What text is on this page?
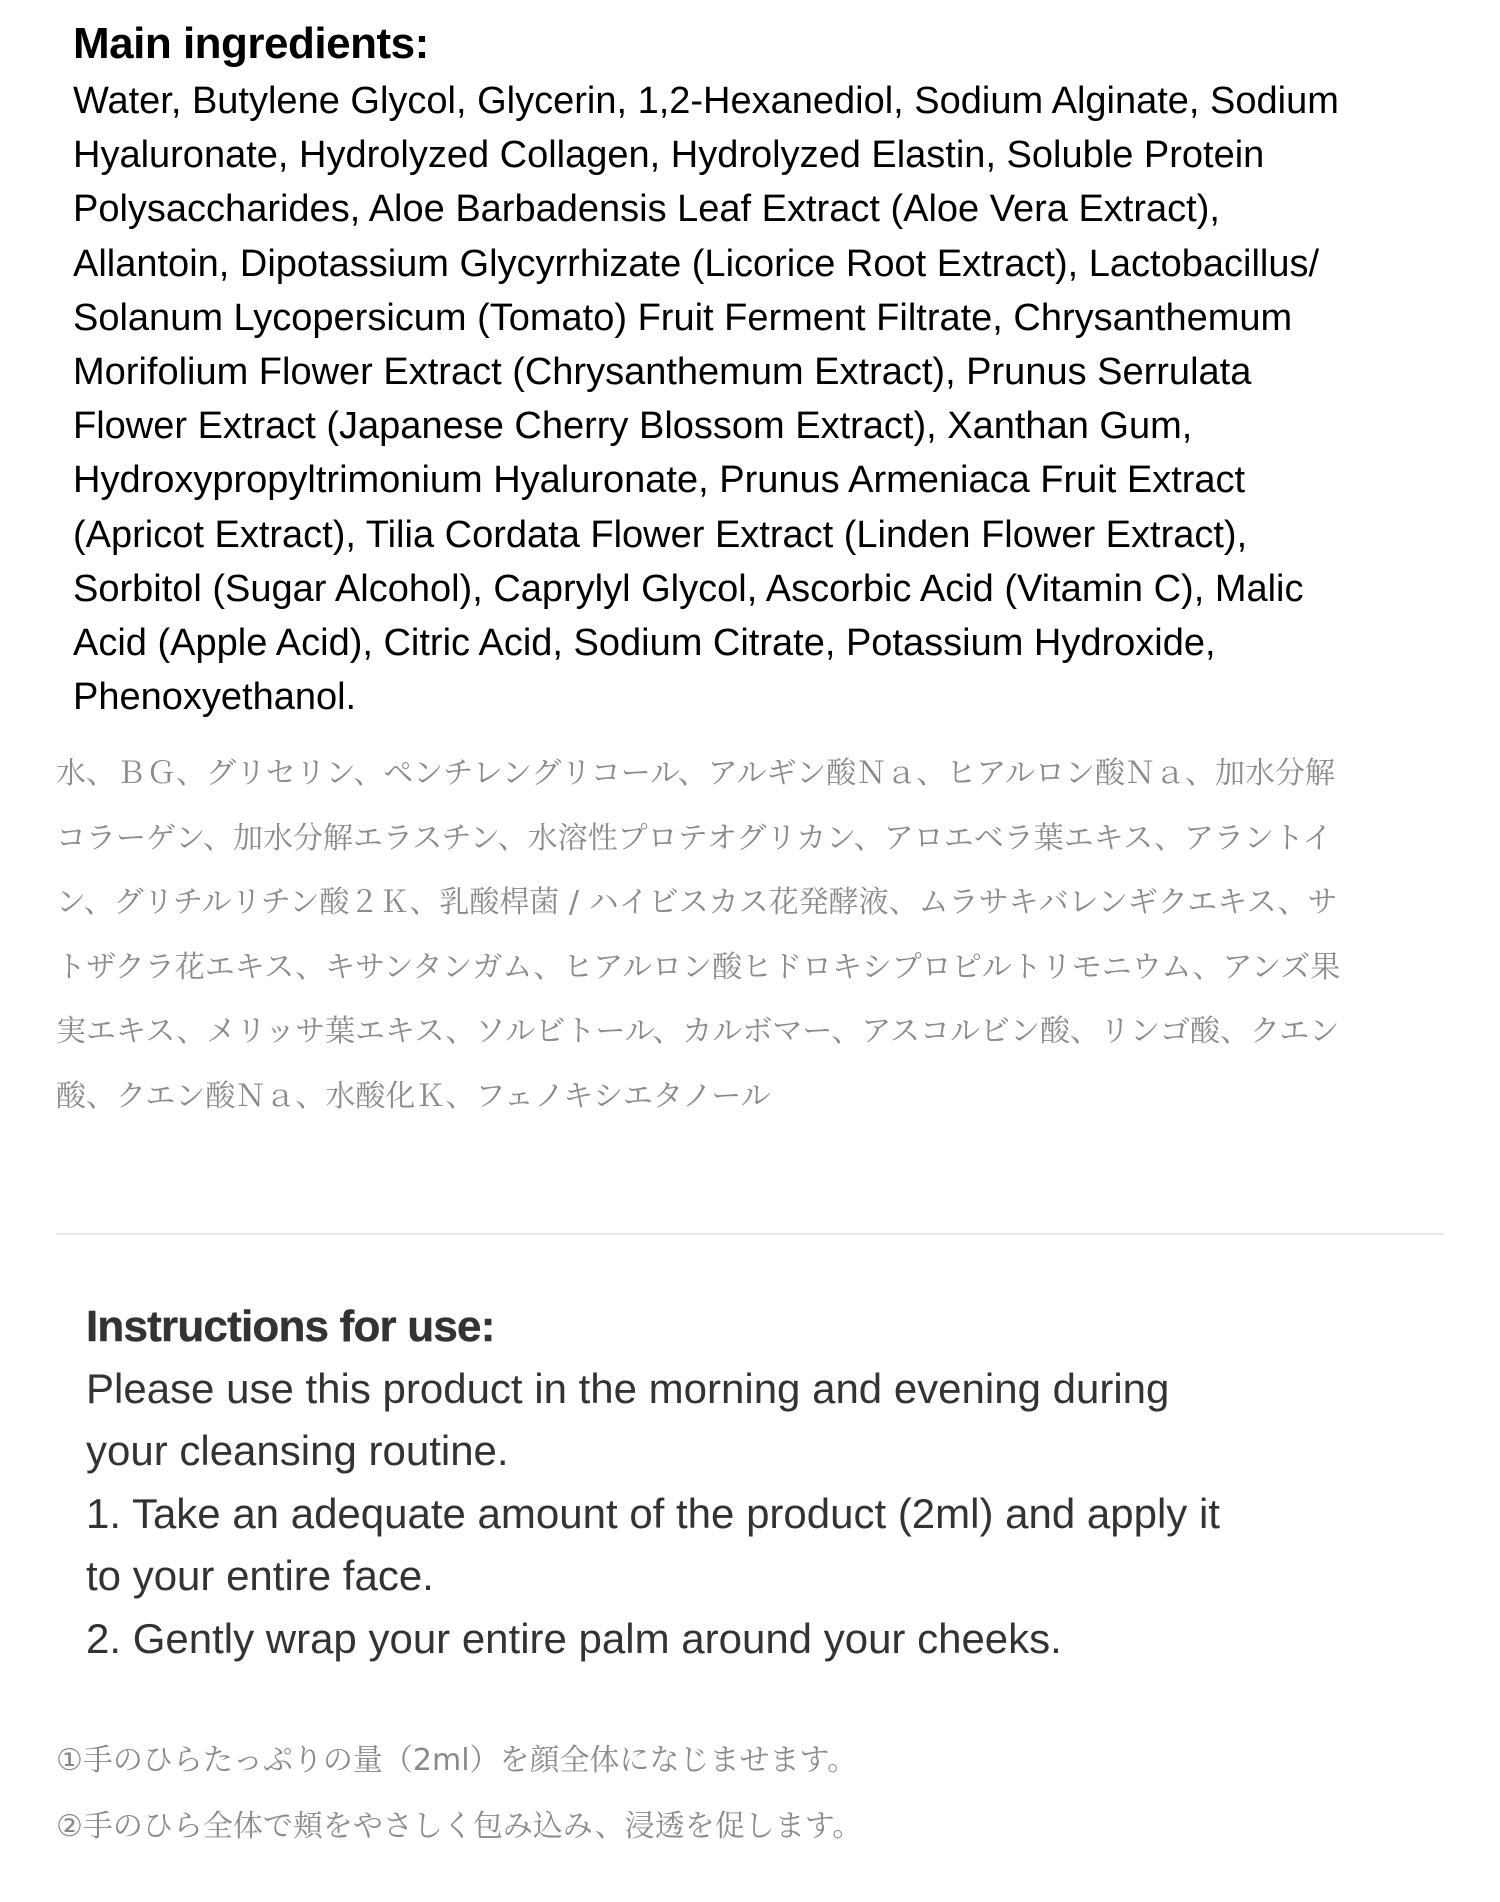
Main ingredients:

Water, Butylene Glycol, Glycerin, 1,2-Hexanediol, Sodium Alginate, Sodium
Hyaluronate, Hydrolyzed Collagen, Hydrolyzed Elastin, Soluble Protein
Polysaccharides, Aloe Barbadensis Leaf Extract (Aloe Vera Extract),
Allantoin, Dipotassium Glycyrrhizate (Licorice Root Extract), Lactobacillus/
Solanum Lycopersicum (Tomato) Fruit Ferment Filtrate, Chrysanthemum
Morifolium Flower Extract (Chrysanthemum Extract), Prunus Serrulata
Flower Extract (Japanese Cherry Blossom Extract), Xanthan Gum,
Hydroxypropyltrimonium Hyaluronate, Prunus Armeniaca Fruit Extract
(Apricot Extract), Tilia Cordata Flower Extract (Linden Flower Extract),
Sorbitol (Sugar Alcohol), Caprylyl Glycol, Ascorbic Acid (Vitamin C), Malic
Acid (Apple Acid), Citric Acid, Sodium Citrate, Potassium Hydroxide,
Phenoxyethanol.

水、ＢＧ、グリセリン、ペンチレングリコール、アルギン酸Ｎａ、ヒアルロン酸Ｎａ、加水分解
コラーゲン、加水分解エラスチン、水溶性プロテオグリカン、アロエベラ葉エキス、アラントイ
ン、グリチルリチン酸２Ｋ、乳酸桿菌 / ハイビスカス花発酵液、ムラサキバレンギクエキス、サ
トザクラ花エキス、キサンタンガム、ヒアルロン酸ヒドロキシプロピルトリモニウム、アンズ果
実エキス、メリッサ葉エキス、ソルビトール、カルボマー、アスコルビン酸、リンゴ酸、クエン
酸、クエン酸Ｎａ、水酸化Ｋ、フェノキシエタノール

Instructions for use:

Please use this product in the morning and evening during
your cleansing routine.
1. Take an adequate amount of the product (2ml) and apply it
to your entire face.
2. Gently wrap your entire palm around your cheeks.

①手のひらたっぷりの量（2ml）を顔全体になじませます。

②手のひら全体で頬をやさしく包み込み、浸透を促します。
